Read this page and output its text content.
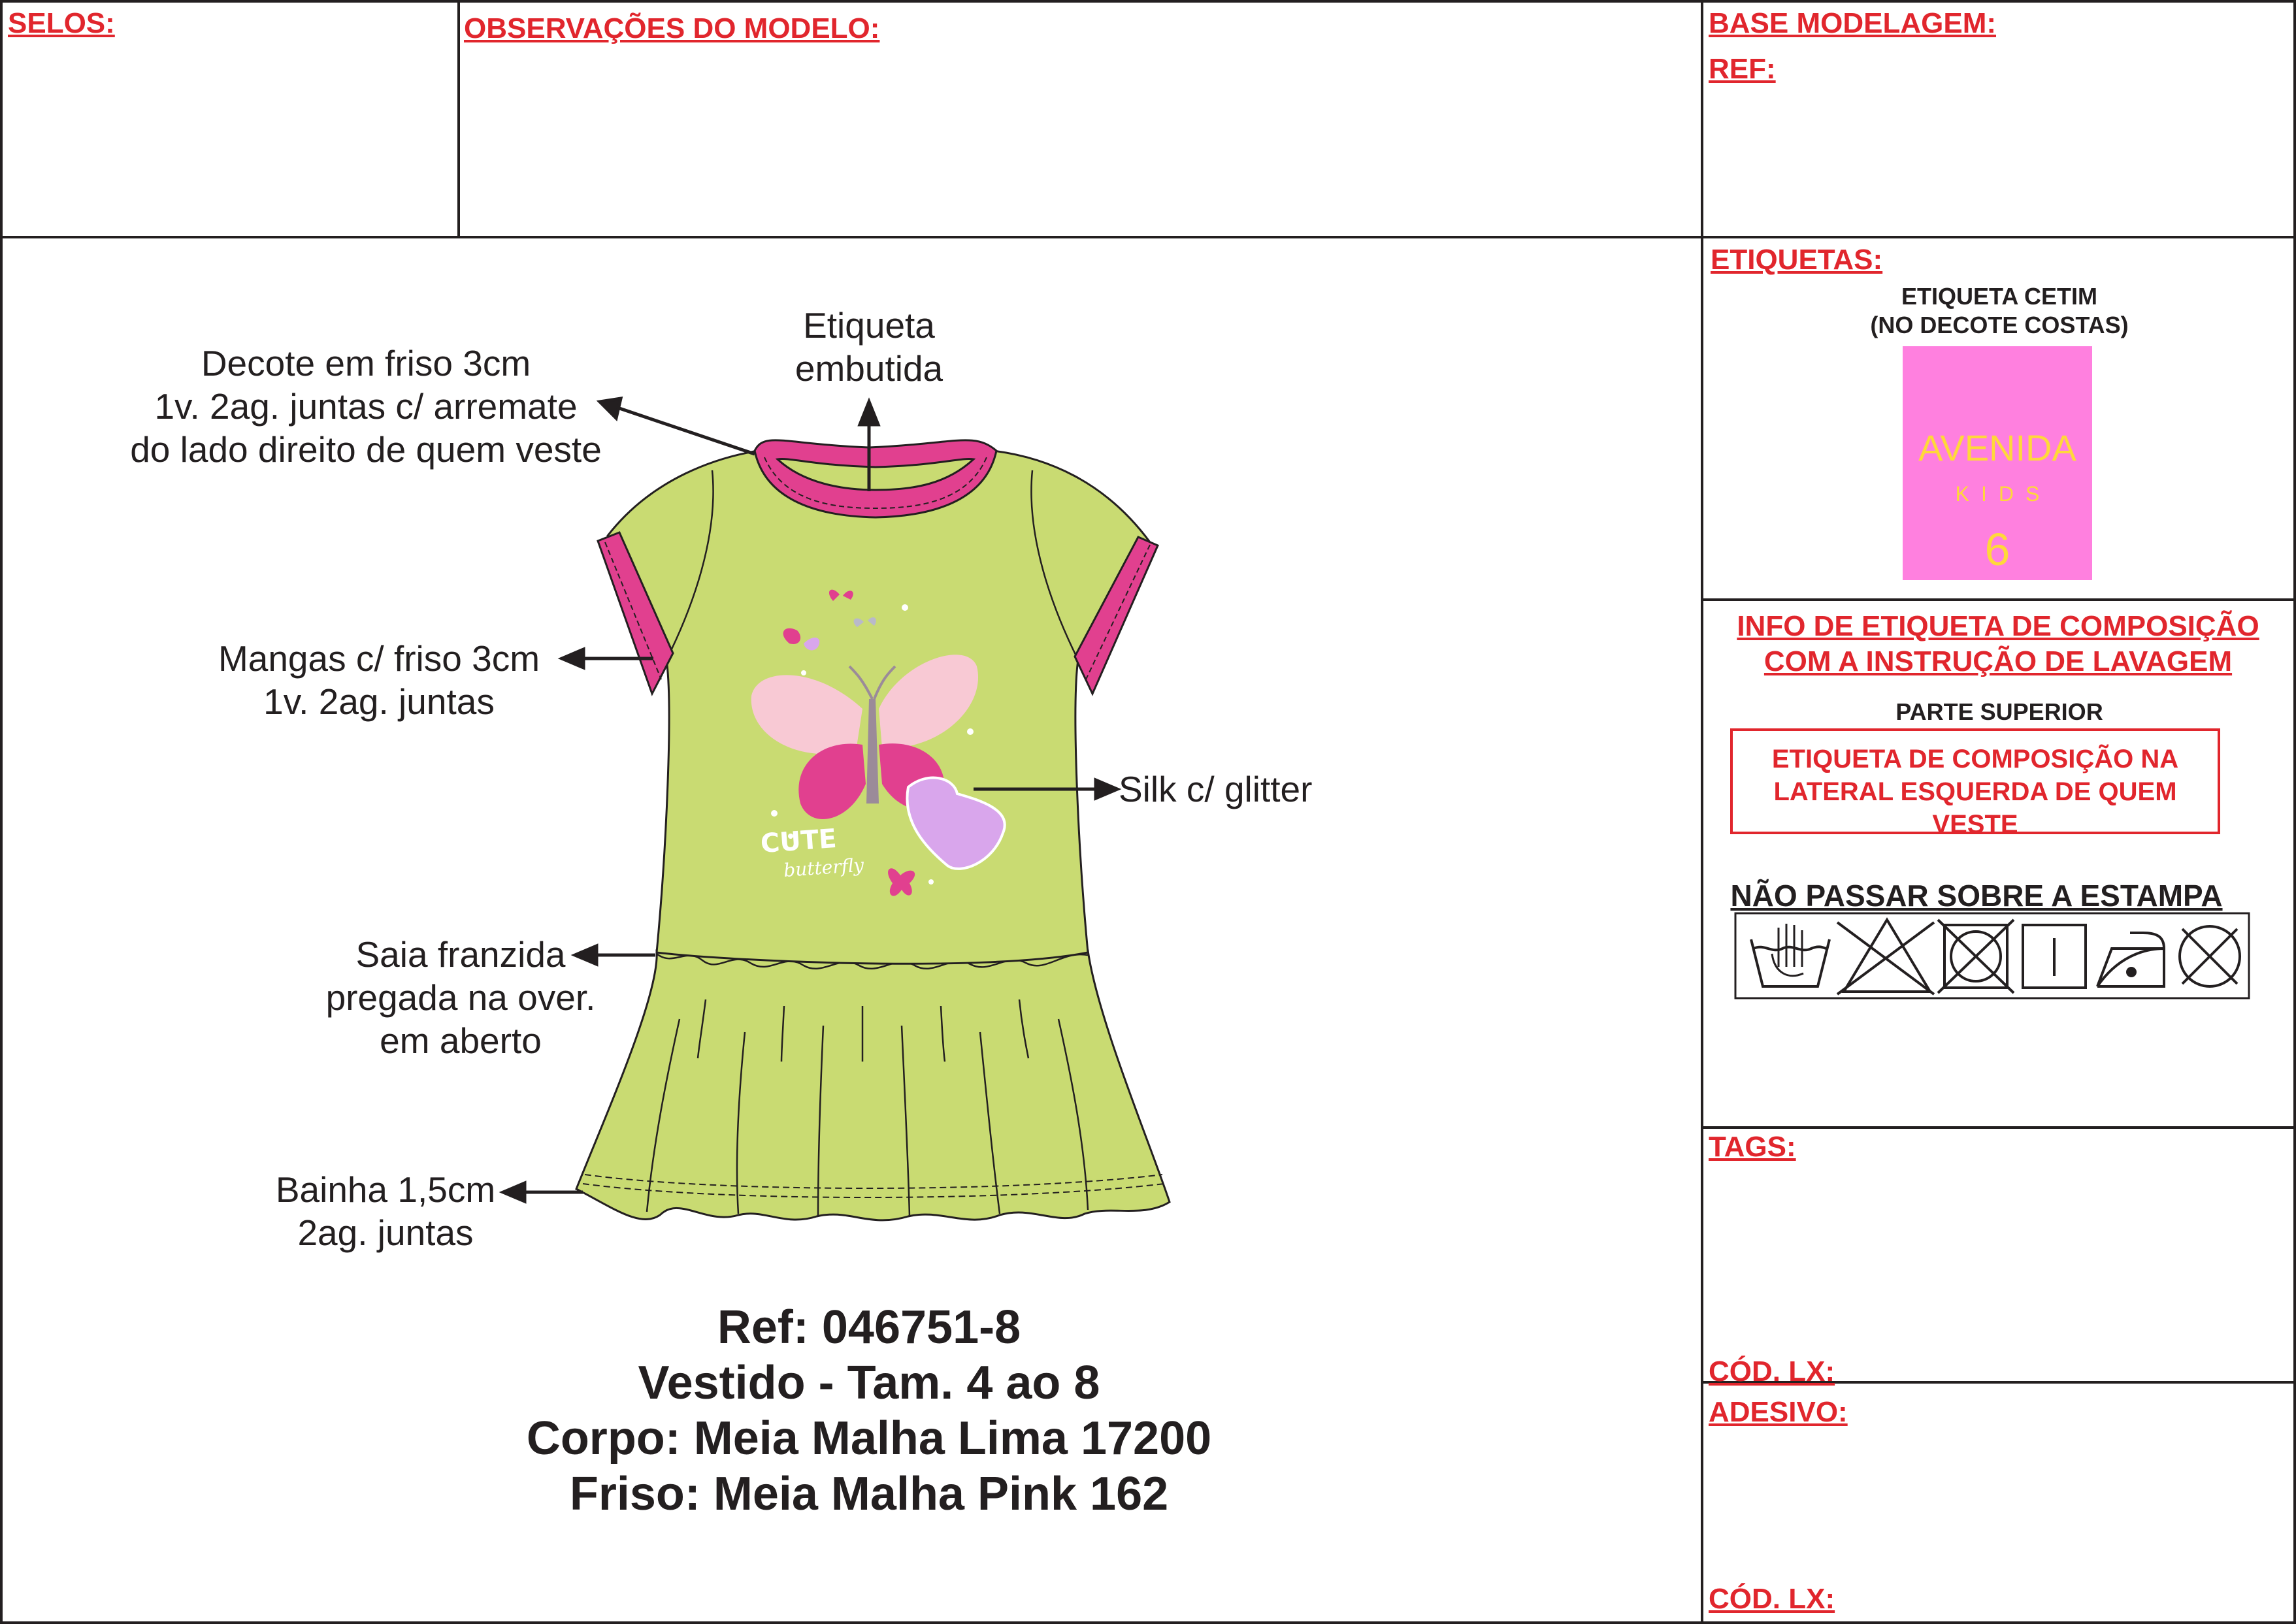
CUTE
butterfly
SELOS:	OBSERVAÇÕES DO MODELO:	BASE MODELAGEM:
REF:
Etiqueta
embutida
Decote em friso 3cm
1v. 2ag. juntas c/ arremate
do lado direito de quem veste
Mangas c/ friso 3cm
1v. 2ag. juntas
Silk c/ glitter
Saia franzida
pregada na over.
em aberto
Bainha 1,5cm
2ag. juntas
Ref: 046751-8
Vestido - Tam. 4 ao 8
Corpo: Meia Malha Lima 17200
Friso: Meia Malha Pink 162
ETIQUETAS:
ETIQUETA CETIM
(NO DECOTE COSTAS)
AVENIDA
KIDS
6
INFO DE ETIQUETA DE COMPOSIÇÃO
COM A INSTRUÇÃO DE LAVAGEM
PARTE SUPERIOR
ETIQUETA DE COMPOSIÇÃO NA
LATERAL ESQUERDA DE QUEM
VESTE
NÃO PASSAR SOBRE A ESTAMPA
TAGS:
CÓD. LX:
ADESIVO:
CÓD. LX:
